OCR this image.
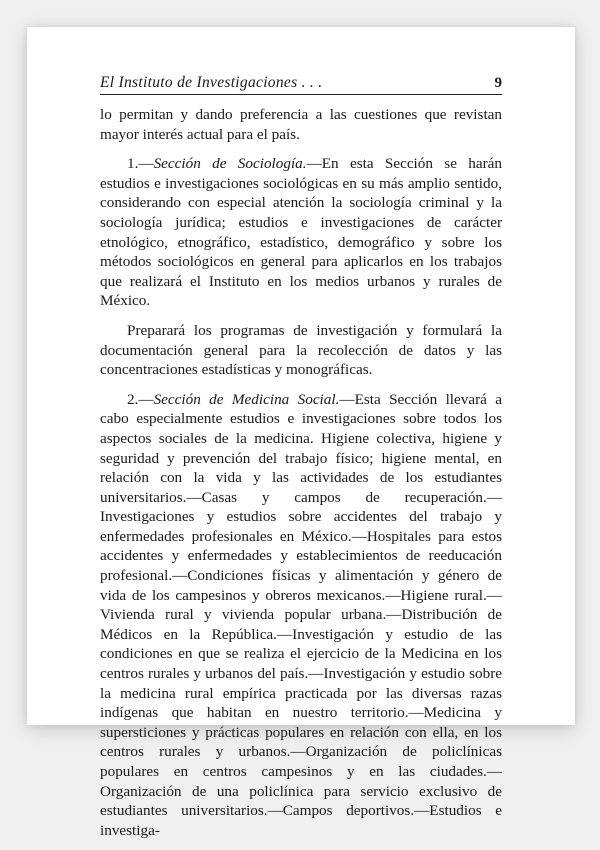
El Instituto de Investigaciones . . .	9

lo permitan y dando preferencia a las cuestiones que revistan mayor interés actual para el país.

1.—Sección de Sociología.—En esta Sección se harán estudios e investigaciones sociológicas en su más amplio sentido, considerando con especial atención la sociología criminal y la sociología jurídica; estudios e investigaciones de carácter etnológico, etnográfico, estadístico, demográfico y sobre los métodos sociológicos en general para aplicarlos en los trabajos que realizará el Instituto en los medios urbanos y rurales de México.

Preparará los programas de investigación y formulará la documentación general para la recolección de datos y las concentraciones estadísticas y monográficas.

2.—Sección de Medicina Social.—Esta Sección llevará a cabo especialmente estudios e investigaciones sobre todos los aspectos sociales de la medicina. Higiene colectiva, higiene y seguridad y prevención del trabajo físico; higiene mental, en relación con la vida y las actividades de los estudiantes universitarios.—Casas y campos de recuperación.—Investigaciones y estudios sobre accidentes del trabajo y enfermedades profesionales en México.—Hospitales para estos accidentes y enfermedades y establecimientos de reeducación profesional.—Condiciones físicas y alimentación y género de vida de los campesinos y obreros mexicanos.—Higiene rural.—Vivienda rural y vivienda popular urbana.—Distribución de Médicos en la República.—Investigación y estudio de las condiciones en que se realiza el ejercicio de la Medicina en los centros rurales y urbanos del país.—Investigación y estudio sobre la medicina rural empírica practicada por las diversas razas indígenas que habitan en nuestro territorio.—Medicina y supersticiones y prácticas populares en relación con ella, en los centros rurales y urbanos.—Organización de policlínicas populares en centros campesinos y en las ciudades.—Organización de una policlínica para servicio exclusivo de estudiantes universitarios.—Campos deportivos.—Estudios e investiga-
